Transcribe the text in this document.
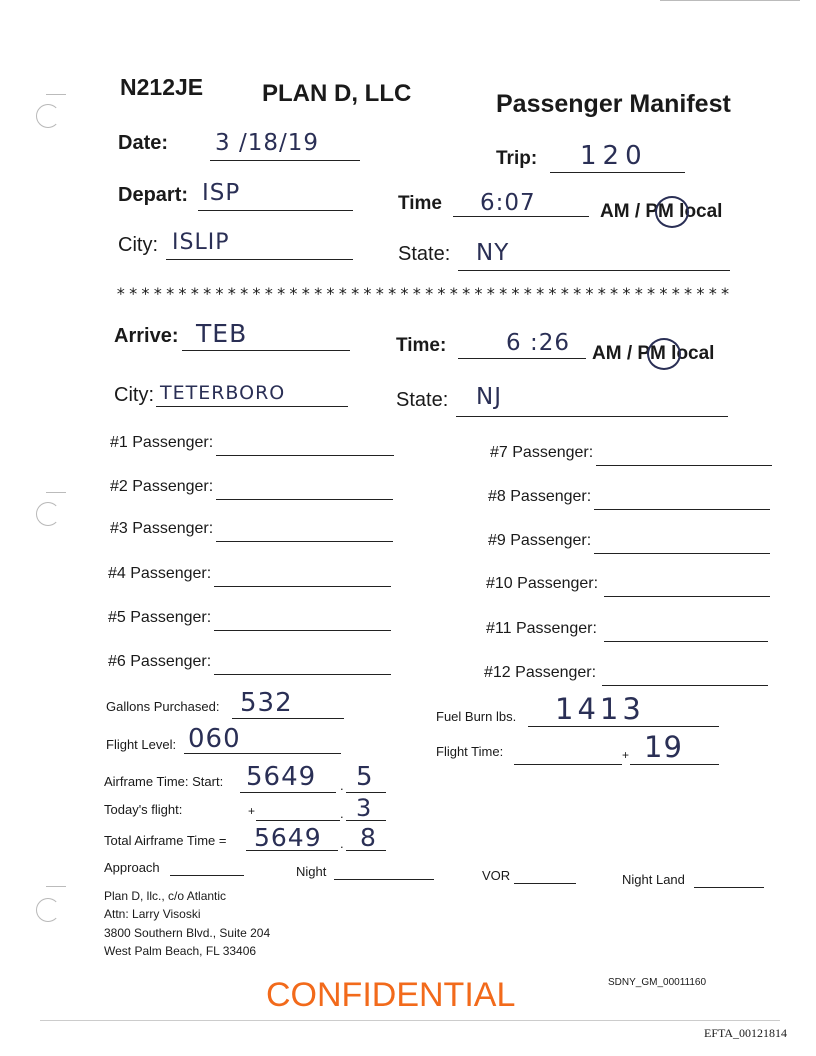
N212JE PLAN D, LLC	Passenger Manifest
Date: 3 /18/19
Trip: 120
Depart: ISP	Time 6:07	AM / PM local
City: ISLIP	State: NY
**************************************************
Arrive: TEB	Time:	6 :26 AM / PM local
City: TETERBORO	State: NJ
#1 Passenger:
#2 Passenger:
#3 Passenger:
#4 Passenger:
#5 Passenger:
#6 Passenger:
#7 Passenger:
#8 Passenger:
#9 Passenger:
#10 Passenger:
#11 Passenger:
#12 Passenger:
Gallons Purchased: 532	Fuel Burn lbs. 1413
Flight Level: 060	Flight Time:	+ 19
Airframe Time: Start: 5649 . 5
Today's flight:	+	. 3
Total Airframe Time = 5649 . 8
Approach	Night	VOR	Night Land
Plan D, llc., c/o Atlantic
Attn: Larry Visoski
3800 Southern Blvd., Suite 204
West Palm Beach, FL 33406
CONFIDENTIAL	SDNY_GM_00011160
EFTA_00121814
